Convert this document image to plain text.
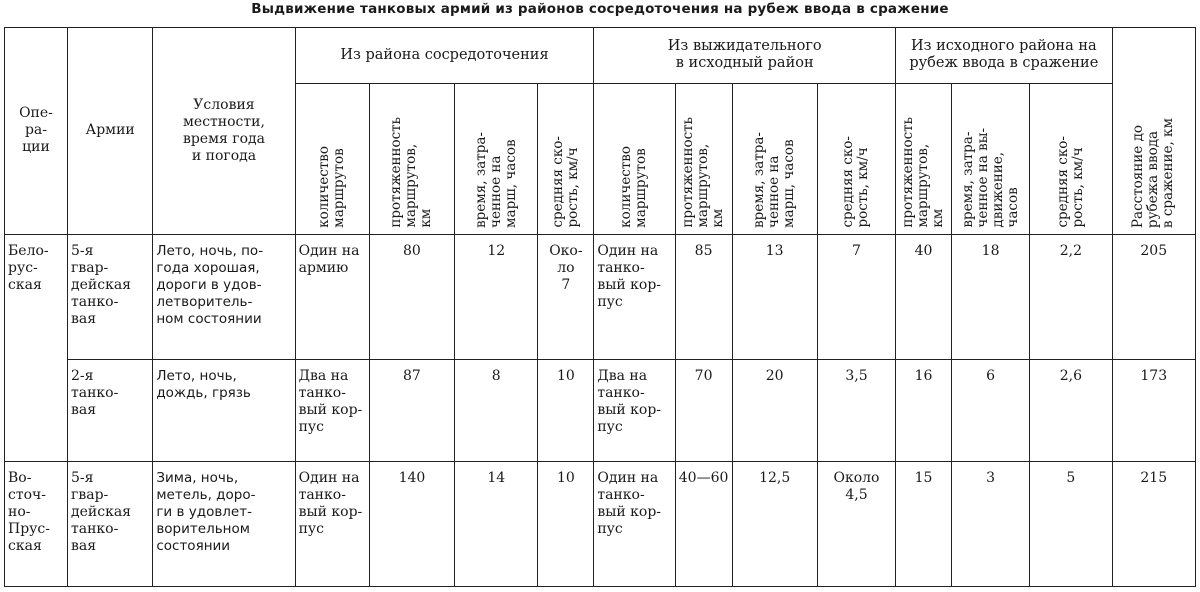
Выдвижение танковых армий из районов сосредоточения на рубеж ввода в сражение
Опе-
ра-
ции	Армии	Условия
местности,
время года
и погода	Из района сосредоточения				Из выжидательного
в исходный район				Из исходного района на
рубеж ввода в сражение			Расстояние до
рубежа ввода
в сражение, км

			количество
маршрутов	протяженность
маршрутов,
км	время, затра-
ченное на
марш, часов	средняя ско-
рость, км/ч	количество
маршрутов	протяженность
маршрутов,
км	время, затра-
ченное на
марш, часов	средняя ско-
рость, км/ч	протяженность
маршрутов,
км	время, затра-
ченное на вы-
движение,
часов	средняя ско-
рость, км/ч	

Бело-
рус-
ская	5-я
гвар-
дейская
танко-
вая	Лето, ночь, по-
года хорошая,
дороги в удов-
летворитель-
ном состоянии	Один на
армию	80	12	Око-
ло
7	Один на
танко-
вый кор-
пус	85	13	7	40	18	2,2	205
	2-я
танко-
вая	Лето, ночь,
дождь, грязь	Два на
танко-
вый кор-
пус	87	8	10	Два на
танко-
вый кор-
пус	70	20	3,5	16	6	2,6	173
Во-
сточ-
но-
Прус-
ская	5-я
гвар-
дейская
танко-
вая	Зима, ночь,
метель, доро-
ги в удовлет-
ворительном
состоянии	Один на
танко-
вый кор-
пус	140	14	10	Один на
танко-
вый кор-
пус	40—60	12,5	Около
4,5	15	3	5	215
